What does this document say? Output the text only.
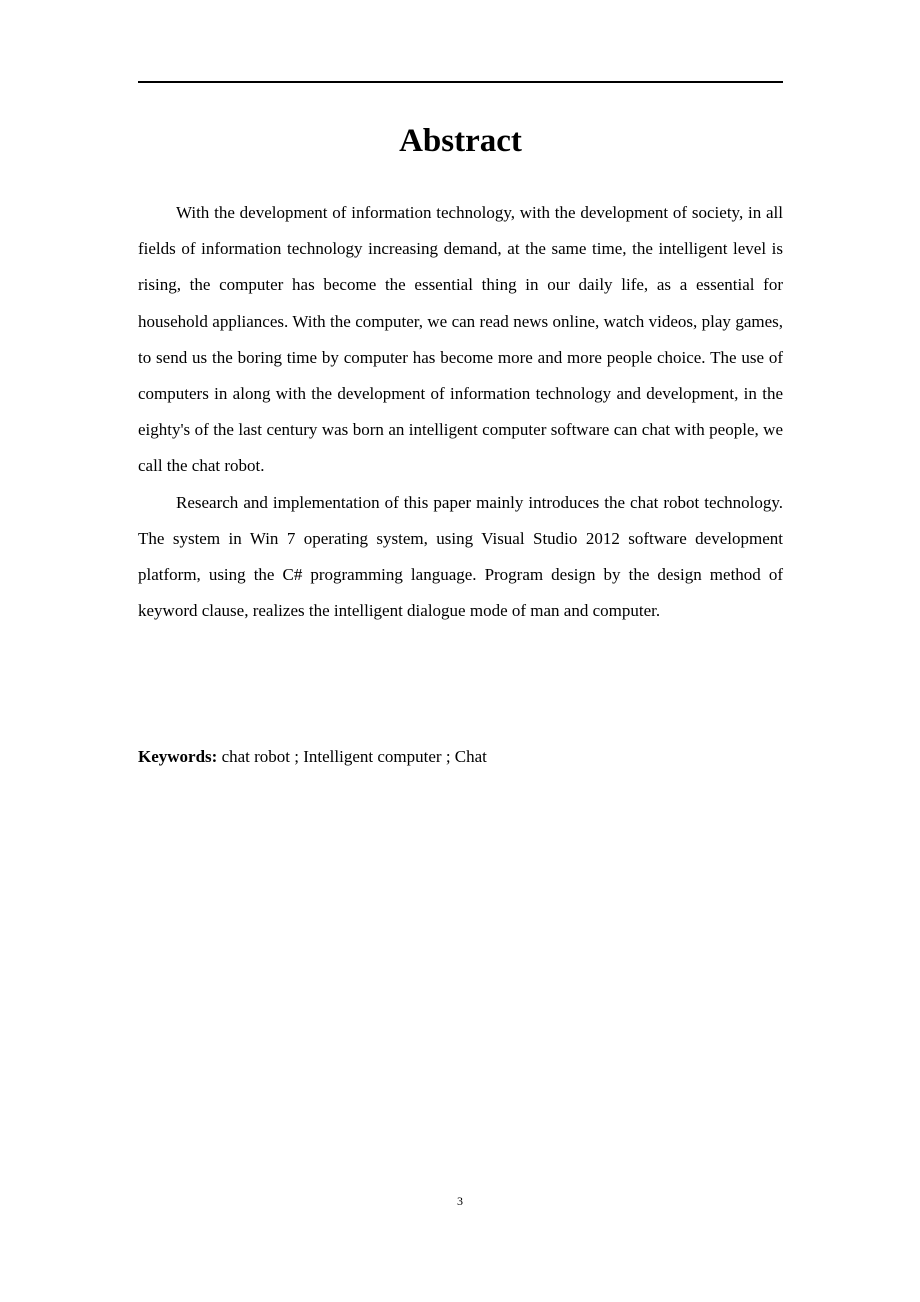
Abstract

With the development of information technology, with the development of society, in all fields of information technology increasing demand, at the same time, the intelligent level is rising, the computer has become the essential thing in our daily life, as a essential for household appliances. With the computer, we can read news online, watch videos, play games, to send us the boring time by computer has become more and more people choice. The use of computers in along with the development of information technology and development, in the eighty's of the last century was born an intelligent computer software can chat with people, we call the chat robot.

Research and implementation of this paper mainly introduces the chat robot technology. The system in Win 7 operating system, using Visual Studio 2012 software development platform, using the C# programming language. Program design by the design method of keyword clause, realizes the intelligent dialogue mode of man and computer.

Keywords: chat robot ; Intelligent computer ; Chat

3
